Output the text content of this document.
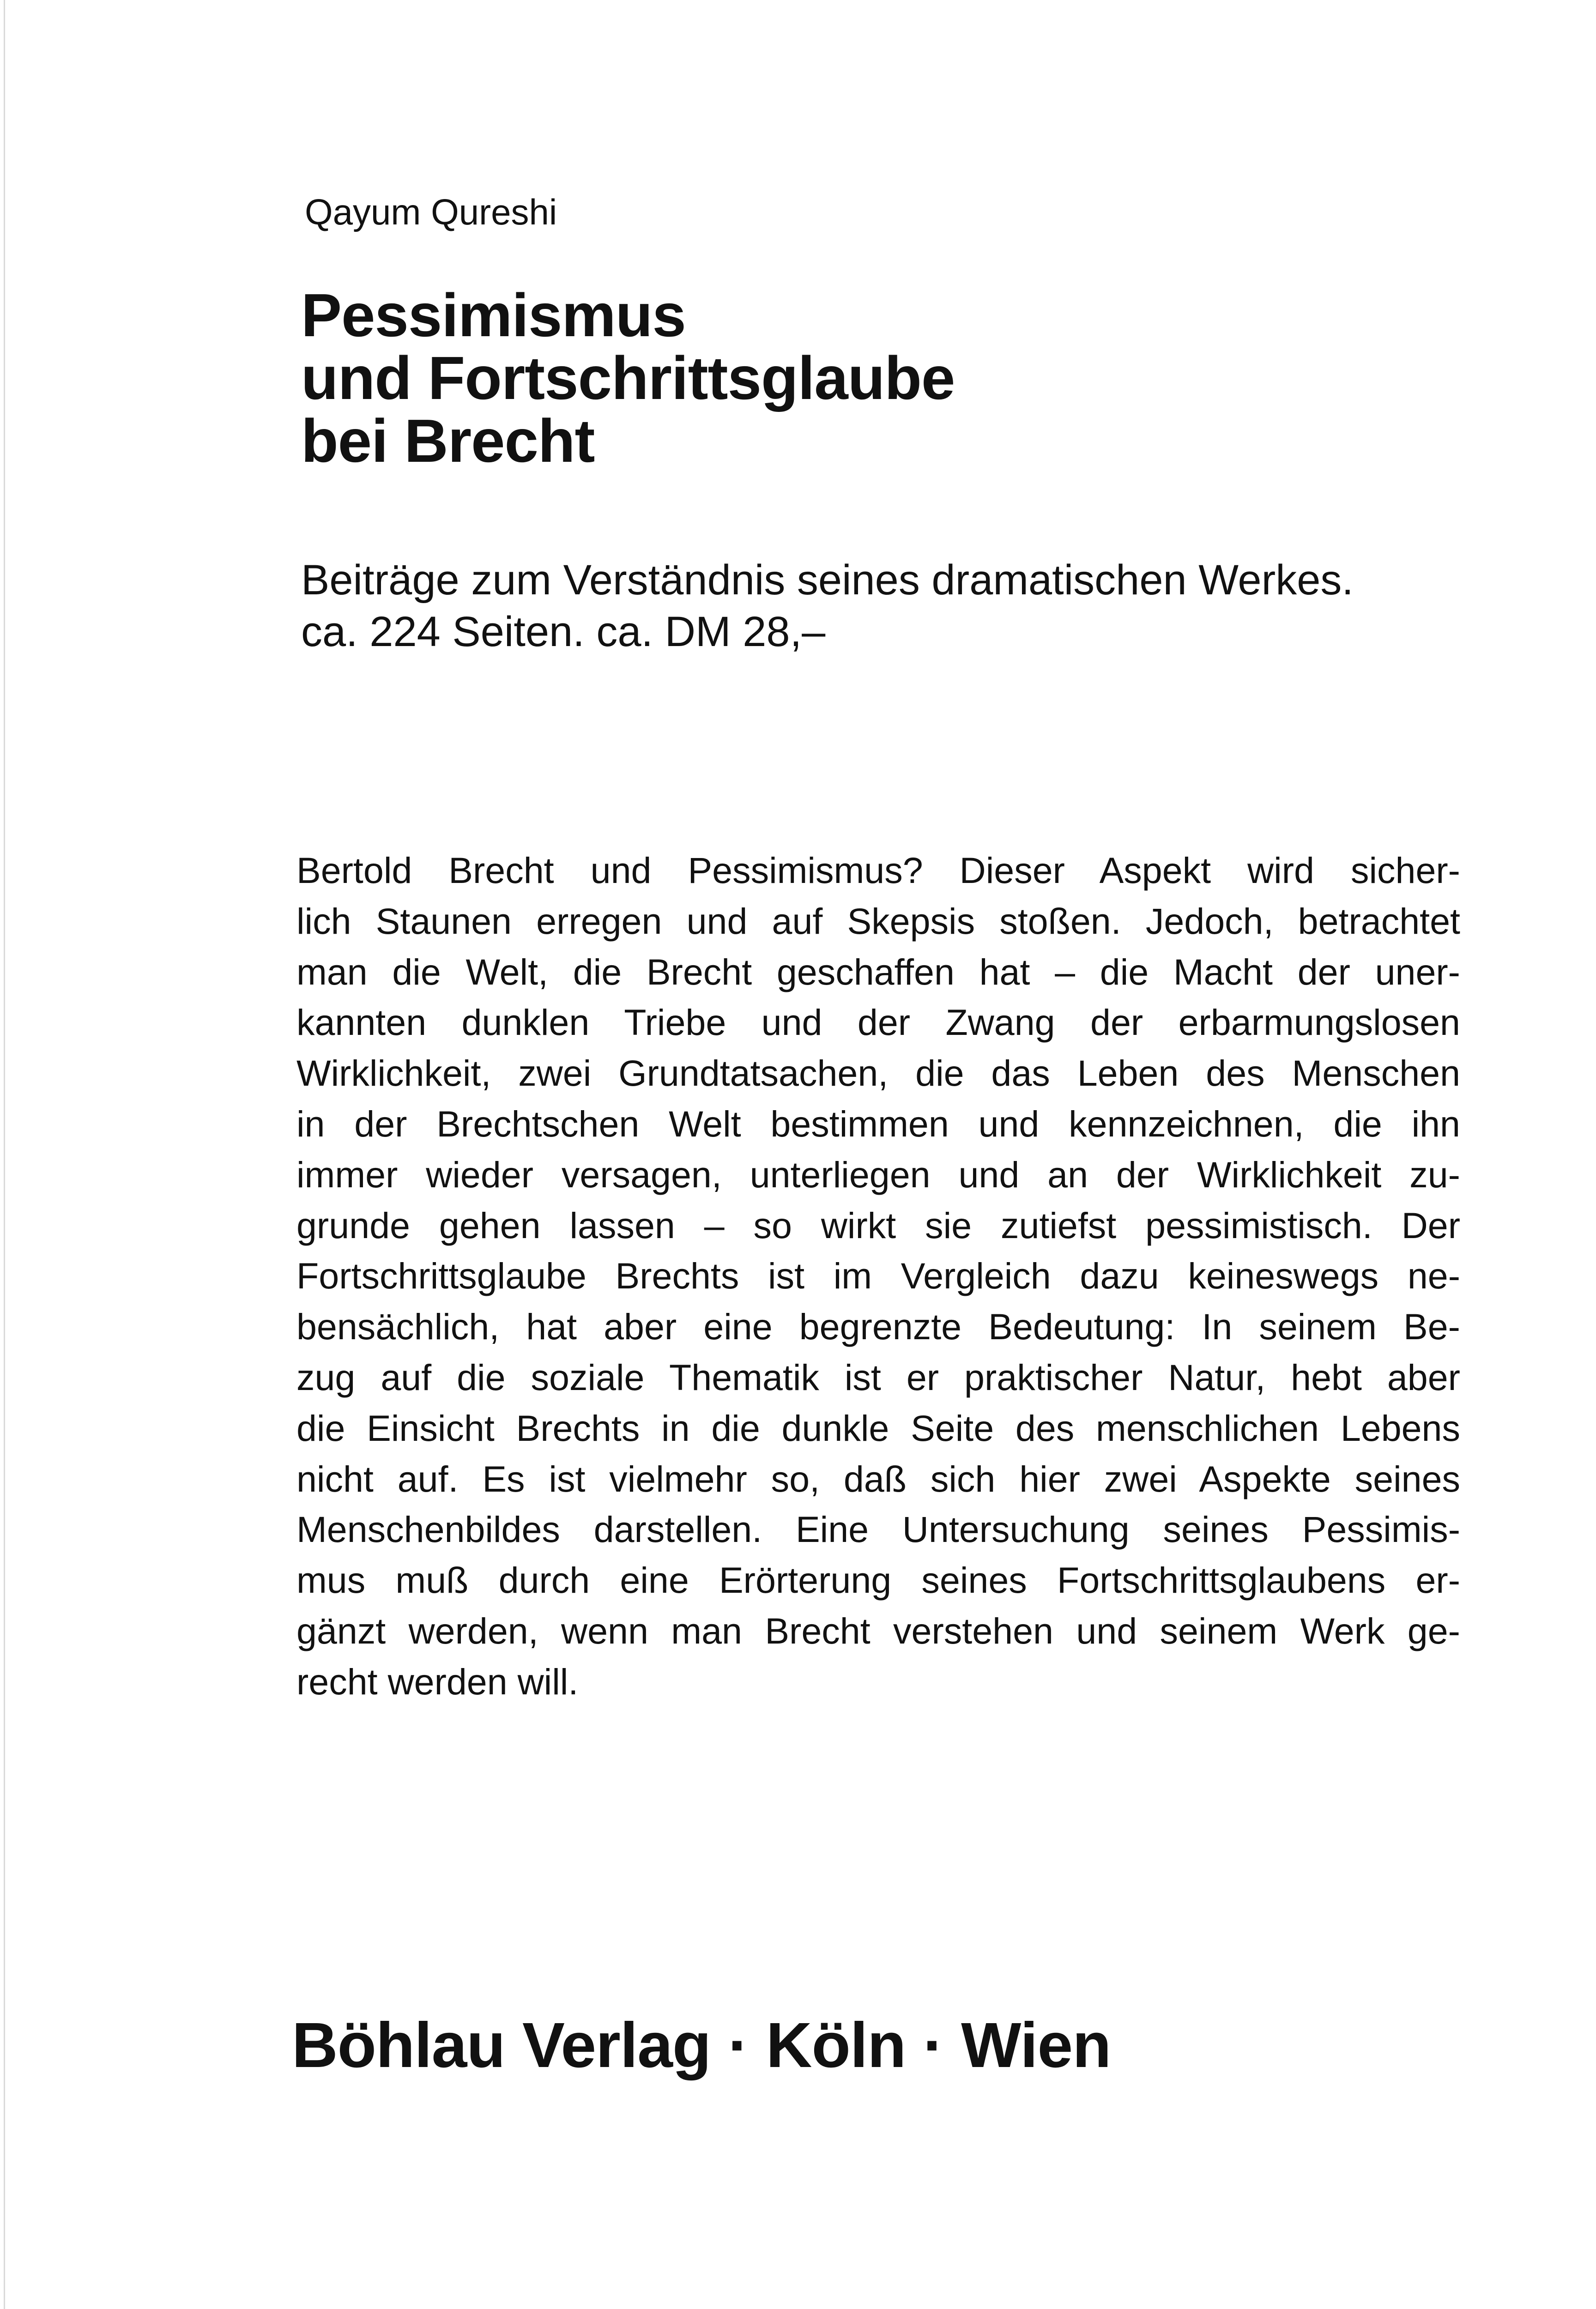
Qayum Qureshi
Pessimismus
und Fortschrittsglaube
bei Brecht
Beiträge zum Verständnis seines dramatischen Werkes.
ca. 224 Seiten. ca. DM 28,–
Bertold Brecht und Pessimismus? Dieser Aspekt wird sicher-
lich Staunen erregen und auf Skepsis stoßen. Jedoch, betrachtet
man die Welt, die Brecht geschaffen hat – die Macht der uner-
kannten dunklen Triebe und der Zwang der erbarmungslosen
Wirklichkeit, zwei Grundtatsachen, die das Leben des Menschen
in der Brechtschen Welt bestimmen und kennzeichnen, die ihn
immer wieder versagen, unterliegen und an der Wirklichkeit zu-
grunde gehen lassen – so wirkt sie zutiefst pessimistisch. Der
Fortschrittsglaube Brechts ist im Vergleich dazu keineswegs ne-
bensächlich, hat aber eine begrenzte Bedeutung: In seinem Be-
zug auf die soziale Thematik ist er praktischer Natur, hebt aber
die Einsicht Brechts in die dunkle Seite des menschlichen Lebens
nicht auf. Es ist vielmehr so, daß sich hier zwei Aspekte seines
Menschenbildes darstellen. Eine Untersuchung seines Pessimis-
mus muß durch eine Erörterung seines Fortschrittsglaubens er-
gänzt werden, wenn man Brecht verstehen und seinem Werk ge-
recht werden will.
Böhlau Verlag · Köln · Wien
